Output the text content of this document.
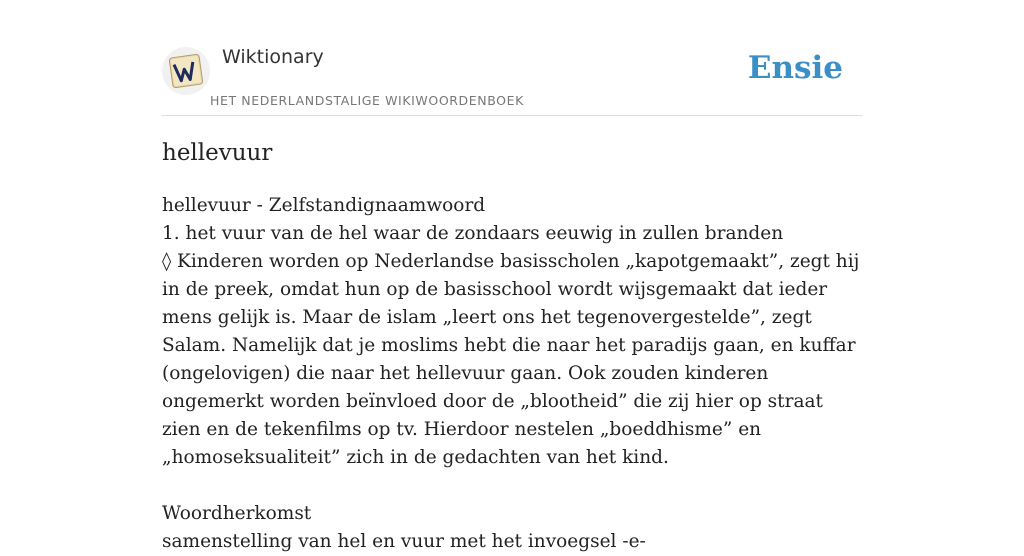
Wiktionary
HET NEDERLANDSTALIGE WIKIWOORDENBOEK
Ensie
hellevuur

hellevuur - Zelfstandignaamwoord

1. het vuur van de hel waar de zondaars eeuwig in zullen branden

◊ Kinderen worden op Nederlandse basisscholen „kapotgemaakt”, zegt hij in de preek, omdat hun op de basisschool wordt wijsgemaakt dat ieder mens gelijk is. Maar de islam „leert ons het tegenovergestelde”, zegt Salam. Namelijk dat je moslims hebt die naar het paradijs gaan, en kuffar (ongelovigen) die naar het hellevuur gaan. Ook zouden kinderen ongemerkt worden beïnvloed door de „blootheid” die zij hier op straat zien en de tekenfilms op tv. Hierdoor nestelen „boeddhisme” en „homoseksualiteit” zich in de gedachten van het kind.

Woordherkomst

samenstelling van hel en vuur met het invoegsel -e-
